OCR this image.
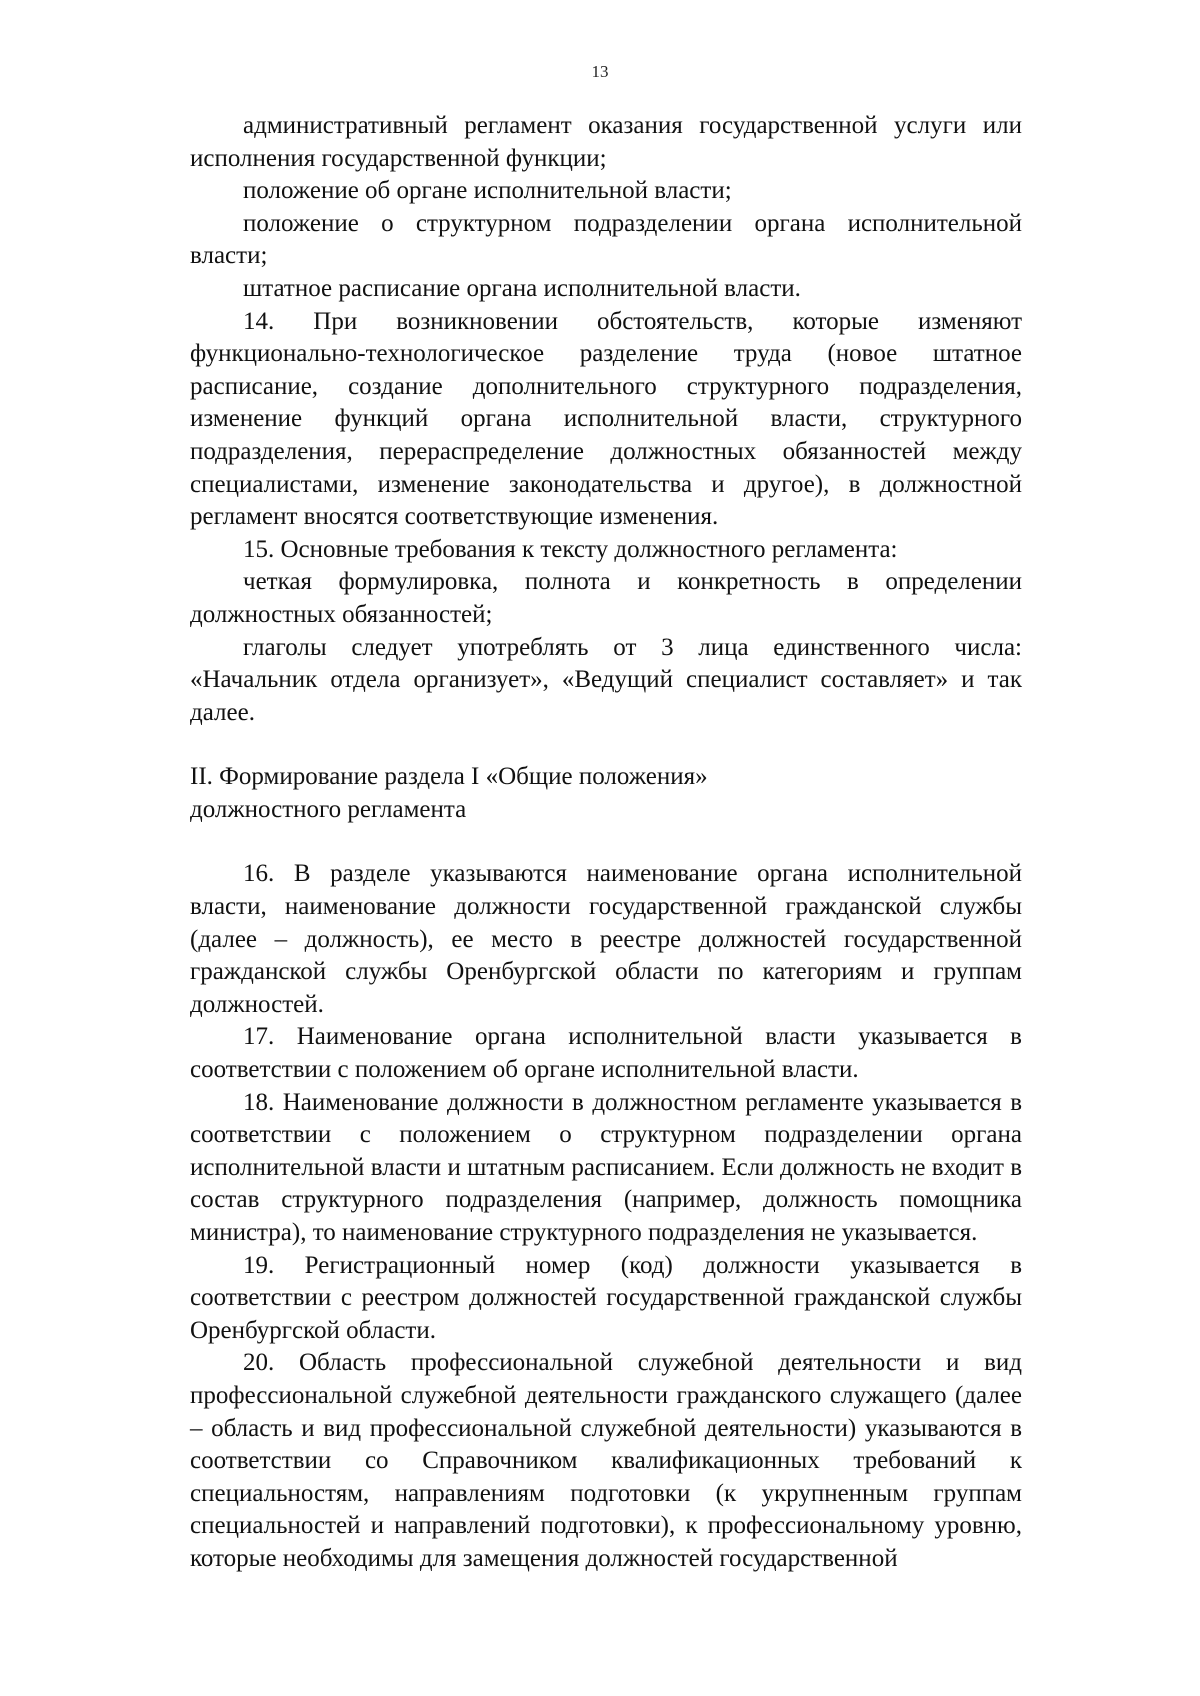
13

административный регламент оказания государственной услуги или исполнения государственной функции;

положение об органе исполнительной власти;

положение о структурном подразделении органа исполнительной власти;

штатное расписание органа исполнительной власти.

14. При возникновении обстоятельств, которые изменяют функционально-технологическое разделение труда (новое штатное расписание, создание дополнительного структурного подразделения, изменение функций органа исполнительной власти, структурного подразделения, перераспределение должностных обязанностей между специалистами, изменение законодательства и другое), в должностной регламент вносятся соответствующие изменения.

15. Основные требования к тексту должностного регламента:

четкая формулировка, полнота и конкретность в определении должностных обязанностей;

глаголы следует употреблять от 3 лица единственного числа: «Начальник отдела организует», «Ведущий специалист составляет» и так далее.

II. Формирование раздела I «Общие положения»
должностного регламента

16. В разделе указываются наименование органа исполнительной власти, наименование должности государственной гражданской службы (далее – должность), ее место в реестре должностей государственной гражданской службы Оренбургской области по категориям и группам должностей.

17. Наименование органа исполнительной власти указывается в соответствии с положением об органе исполнительной власти.

18. Наименование должности в должностном регламенте указывается в соответствии с положением о структурном подразделении органа исполнительной власти и штатным расписанием. Если должность не входит в состав структурного подразделения (например, должность помощника министра), то наименование структурного подразделения не указывается.

19. Регистрационный номер (код) должности указывается в соответствии с реестром должностей государственной гражданской службы Оренбургской области.

20. Область профессиональной служебной деятельности и вид профессиональной служебной деятельности гражданского служащего (далее – область и вид профессиональной служебной деятельности) указываются в соответствии со Справочником квалификационных требований к специальностям, направлениям подготовки (к укрупненным группам специальностей и направлений подготовки), к профессиональному уровню, которые необходимы для замещения должностей государственной
